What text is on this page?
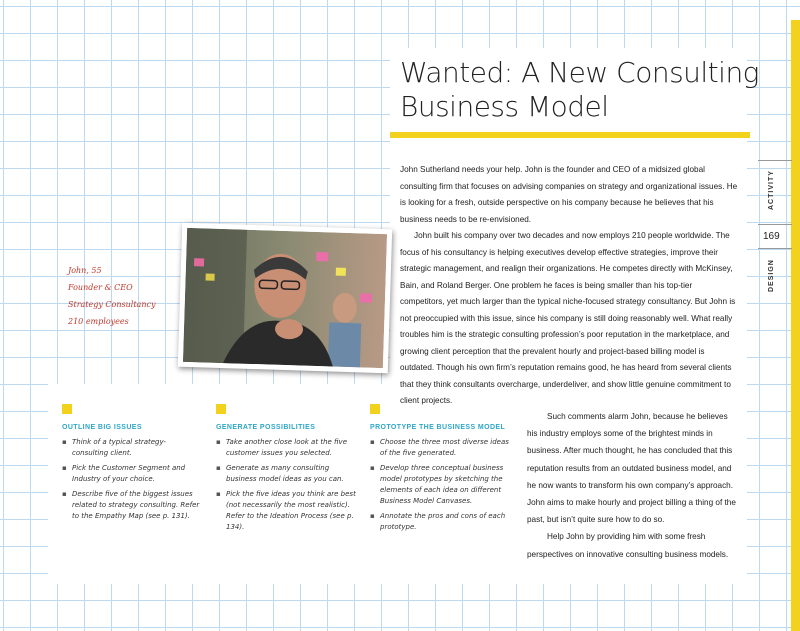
Wanted: A New Consulting Business Model
ACTIVITY
169
DESIGN

John Sutherland needs your help. John is the founder and CEO of a midsized global consulting firm that focuses on advising companies on strategy and organizational issues. He is looking for a fresh, outside perspective on his company because he believes that his business needs to be re-envisioned.

John built his company over two decades and now employs 210 people worldwide. The focus of his consultancy is helping executives develop effective strategies, improve their strategic management, and realign their organizations. He competes directly with McKinsey, Bain, and Roland Berger. One problem he faces is being smaller than his top-tier competitors, yet much larger than the typical niche-focused strategy consultancy. But John is not preoccupied with this issue, since his company is still doing reasonably well. What really troubles him is the strategic consulting profession’s poor reputation in the marketplace, and growing client perception that the prevalent hourly and project-based billing model is outdated. Though his own firm’s reputation remains good, he has heard from several clients that they think consultants overcharge, underdeliver, and show little genuine commitment to client projects.

Such comments alarm John, because he believes his industry employs some of the brightest minds in business. After much thought, he has concluded that this reputation results from an outdated business model, and he now wants to transform his own company’s approach. John aims to make hourly and project billing a thing of the past, but isn’t quite sure how to do so.

Help John by providing him with some fresh perspectives on innovative consulting business models.

John, 55
Founder & CEO
Strategy Consultancy
210 employees
OUTLINE BIG ISSUES
▪ Think of a typical strategy-consulting client.
▪ Pick the Customer Segment and Industry of your choice.
▪ Describe five of the biggest issues related to strategy consulting. Refer to the Empathy Map (see p. 131).
GENERATE POSSIBILITIES
▪ Take another close look at the five customer issues you selected.
▪ Generate as many consulting business model ideas as you can.
▪ Pick the five ideas you think are best (not necessarily the most realistic). Refer to the Ideation Process (see p. 134).
PROTOTYPE THE BUSINESS MODEL
▪ Choose the three most diverse ideas of the five generated.
▪ Develop three conceptual business model prototypes by sketching the elements of each idea on different Business Model Canvases.
▪ Annotate the pros and cons of each prototype.
